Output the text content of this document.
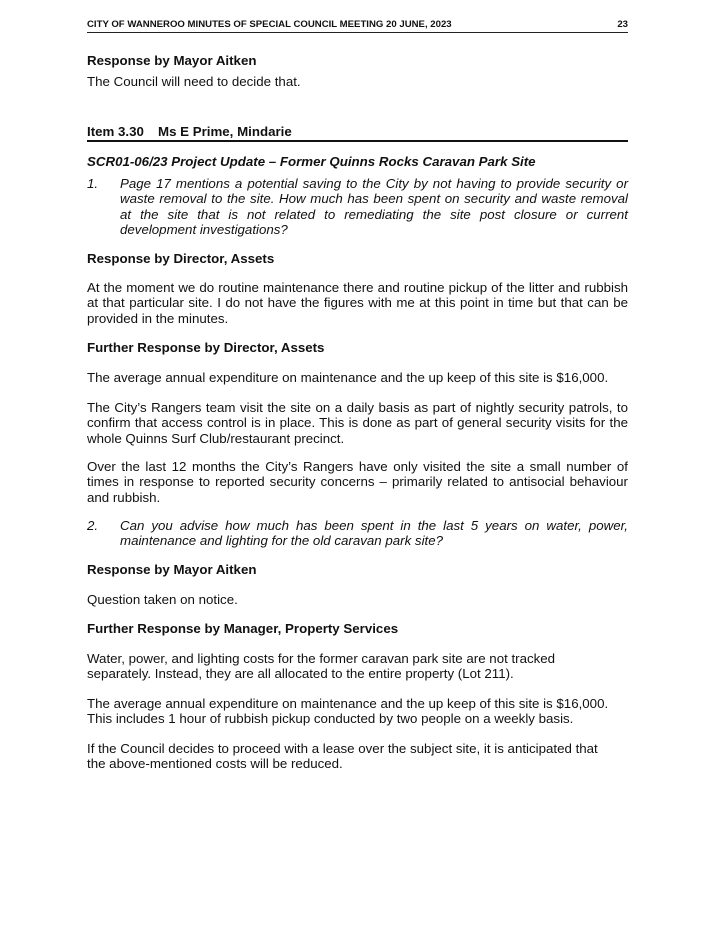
CITY OF WANNEROO MINUTES OF SPECIAL COUNCIL MEETING 20 JUNE, 2023	23
Response by Mayor Aitken
The Council will need to decide that.
Item 3.30 Ms E Prime, Mindarie
SCR01-06/23 Project Update – Former Quinns Rocks Caravan Park Site
1.	Page 17 mentions a potential saving to the City by not having to provide security or waste removal to the site. How much has been spent on security and waste removal at the site that is not related to remediating the site post closure or current development investigations?
Response by Director, Assets
At the moment we do routine maintenance there and routine pickup of the litter and rubbish at that particular site. I do not have the figures with me at this point in time but that can be provided in the minutes.
Further Response by Director, Assets
The average annual expenditure on maintenance and the up keep of this site is $16,000.
The City’s Rangers team visit the site on a daily basis as part of nightly security patrols, to confirm that access control is in place. This is done as part of general security visits for the whole Quinns Surf Club/restaurant precinct.
Over the last 12 months the City’s Rangers have only visited the site a small number of times in response to reported security concerns – primarily related to antisocial behaviour and rubbish.
2.	Can you advise how much has been spent in the last 5 years on water, power, maintenance and lighting for the old caravan park site?
Response by Mayor Aitken
Question taken on notice.
Further Response by Manager, Property Services
Water, power, and lighting costs for the former caravan park site are not tracked separately. Instead, they are all allocated to the entire property (Lot 211).
The average annual expenditure on maintenance and the up keep of this site is $16,000. This includes 1 hour of rubbish pickup conducted by two people on a weekly basis.
If the Council decides to proceed with a lease over the subject site, it is anticipated that the above-mentioned costs will be reduced.
